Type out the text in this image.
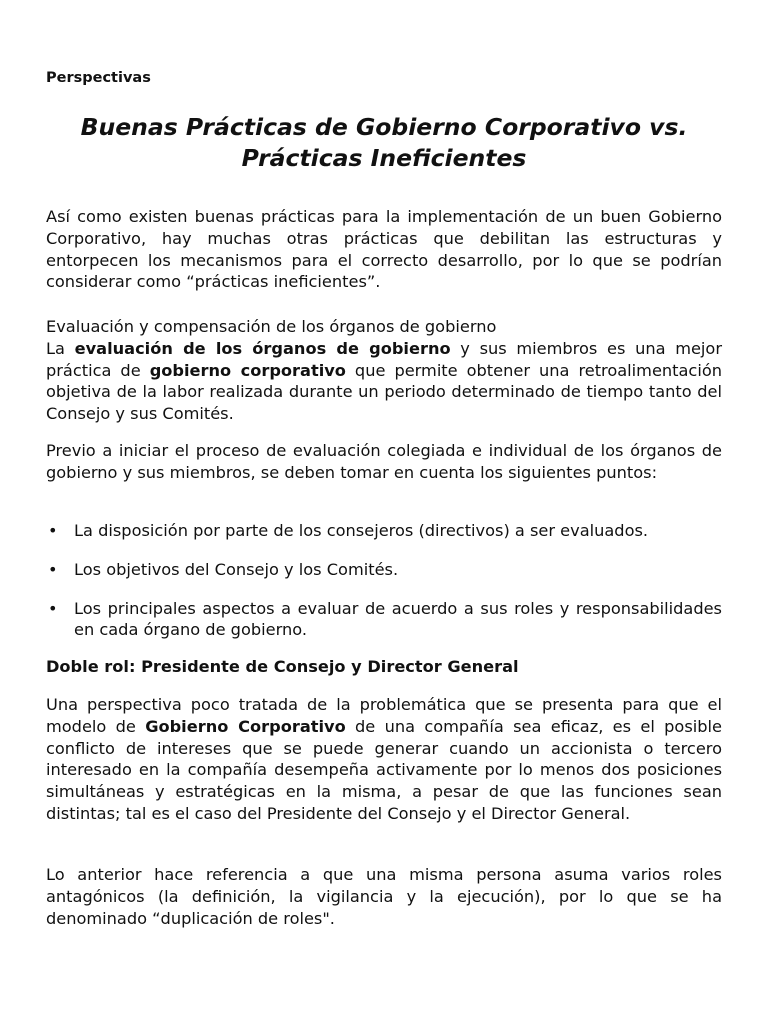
Perspectivas

Buenas Prácticas de Gobierno Corporativo vs.
Prácticas Ineficientes

Así como existen buenas prácticas para la implementación de un buen Gobierno Corporativo, hay muchas otras prácticas que debilitan las estructuras y entorpecen los mecanismos para el correcto desarrollo, por lo que se podrían considerar como “prácticas ineficientes”.

Evaluación y compensación de los órganos de gobierno
La evaluación de los órganos de gobierno y sus miembros es una mejor práctica de gobierno corporativo que permite obtener una retroalimentación objetiva de la labor realizada durante un periodo determinado de tiempo tanto del Consejo y sus Comités.

Previo a iniciar el proceso de evaluación colegiada e individual de los órganos de gobierno y sus miembros, se deben tomar en cuenta los siguientes puntos:

• La disposición por parte de los consejeros (directivos) a ser evaluados.
• Los objetivos del Consejo y los Comités.
• Los principales aspectos a evaluar de acuerdo a sus roles y responsabilidades en cada órgano de gobierno.
Doble rol: Presidente de Consejo y Director General
Una perspectiva poco tratada de la problemática que se presenta para que el modelo de Gobierno Corporativo de una compañía sea eficaz, es el posible conflicto de intereses que se puede generar cuando un accionista o tercero interesado en la compañía desempeña activamente por lo menos dos posiciones simultáneas y estratégicas en la misma, a pesar de que las funciones sean distintas; tal es el caso del Presidente del Consejo y el Director General.

Lo anterior hace referencia a que una misma persona asuma varios roles antagónicos (la definición, la vigilancia y la ejecución), por lo que se ha denominado “duplicación de roles".
